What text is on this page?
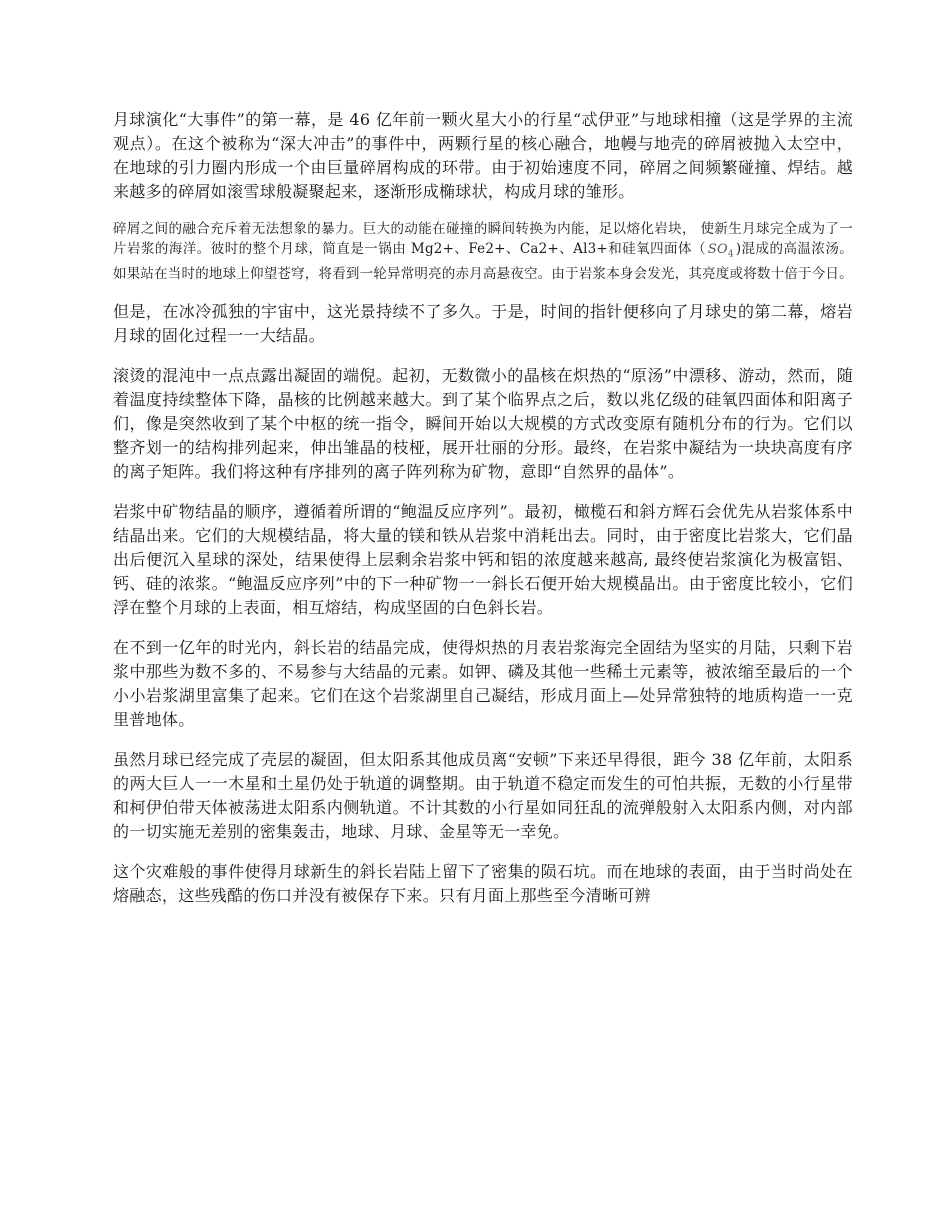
月球演化“大事件”的第一幕，是 46 亿年前一颗火星大小的行星“忒伊亚”与地球相撞（这是学界的主流观点）。在这个被称为“深大冲击”的事件中，两颗行星的核心融合，地幔与地壳的碎屑被抛入太空中，在地球的引力圈内形成一个由巨量碎屑构成的环带。由于初始速度不同，碎屑之间频繁碰撞、焊结。越来越多的碎屑如滚雪球般凝聚起来，逐渐形成椭球状，构成月球的雏形。

碎屑之间的融合充斥着无法想象的暴力。巨大的动能在碰撞的瞬间转换为内能，足以熔化岩块， 使新生月球完全成为了一片岩浆的海洋。彼时的整个月球，简直是一锅由 Mg2+、Fe2+、Ca2+、Al3+和硅氧四面体（ $SO_4$ )混成的高温浓汤。如果站在当时的地球上仰望苍穹，将看到一轮异常明亮的赤月高悬夜空。由于岩浆本身会发光，其亮度或将数十倍于今日。

但是，在冰冷孤独的宇宙中，这光景持续不了多久。于是，时间的指针便移向了月球史的第二幕，熔岩月球的固化过程一一大结晶。

滚烫的混沌中一点点露出凝固的端倪。起初，无数微小的晶核在炽热的“原汤”中漂移、游动，然而，随着温度持续整体下降，晶核的比例越来越大。到了某个临界点之后，数以兆亿级的硅氧四面体和阳离子们，像是突然收到了某个中枢的统一指令，瞬间开始以大规模的方式改变原有随机分布的行为。它们以整齐划一的结构排列起来，伸出雏晶的枝桠，展开壮丽的分形。最终，在岩浆中凝结为一块块高度有序的离子矩阵。我们将这种有序排列的离子阵列称为矿物，意即“自然界的晶体”。

岩浆中矿物结晶的顺序，遵循着所谓的“鲍温反应序列”。最初，橄榄石和斜方辉石会优先从岩浆体系中结晶出来。它们的大规模结晶，将大量的镁和铁从岩浆中消耗出去。同时，由于密度比岩浆大，它们晶出后便沉入星球的深处，结果使得上层剩余岩浆中钙和铝的浓度越来越高, 最终使岩浆演化为极富铝、钙、硅的浓浆。“鲍温反应序列”中的下一种矿物一一斜长石便开始大规模晶出。由于密度比较小，它们浮在整个月球的上表面，相互熔结，构成坚固的白色斜长岩。

在不到一亿年的时光内，斜长岩的结晶完成，使得炽热的月表岩浆海完全固结为坚实的月陆，只剩下岩浆中那些为数不多的、不易参与大结晶的元素。如钾、磷及其他一些稀土元素等，被浓缩至最后的一个小小岩浆湖里富集了起来。它们在这个岩浆湖里自己凝结，形成月面上—处异常独特的地质构造一一克里普地体。

虽然月球已经完成了壳层的凝固，但太阳系其他成员离“安顿”下来还早得很，距今 38 亿年前，太阳系的两大巨人一一木星和土星仍处于轨道的调整期。由于轨道不稳定而发生的可怕共振，无数的小行星带和柯伊伯带天体被荡进太阳系内侧轨道。不计其数的小行星如同狂乱的流弹般射入太阳系内侧，对内部的一切实施无差别的密集轰击，地球、月球、金星等无一幸免。

这个灾难般的事件使得月球新生的斜长岩陆上留下了密集的陨石坑。而在地球的表面，由于当时尚处在熔融态，这些残酷的伤口并没有被保存下来。只有月面上那些至今清晰可辨
